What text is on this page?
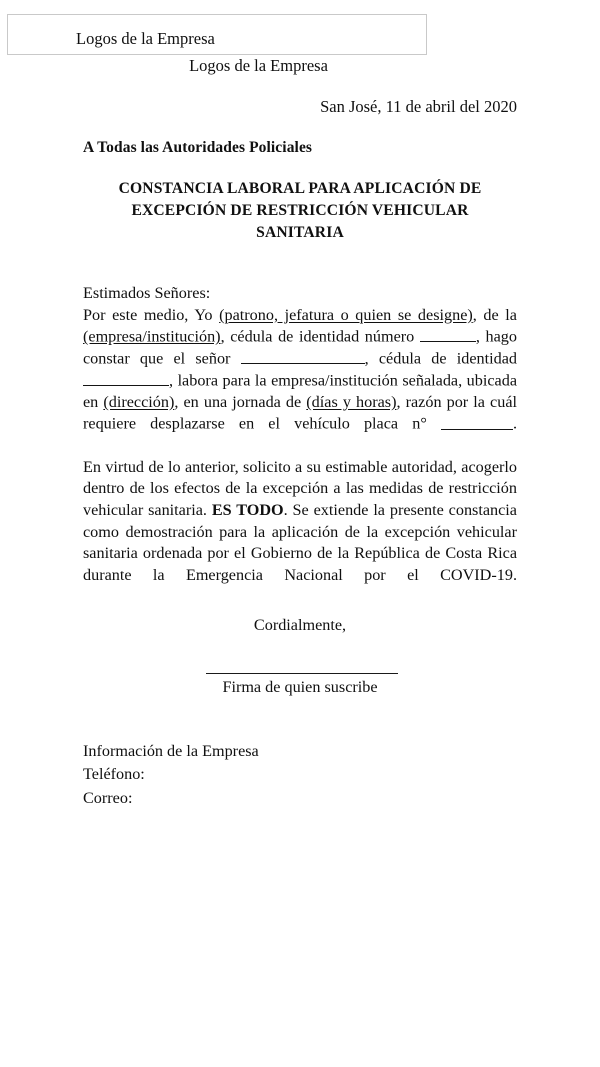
Logos de la Empresa
Logos de la Empresa
San José, 11 de abril del 2020
A Todas las Autoridades Policiales
CONSTANCIA LABORAL PARA APLICACIÓN DE
EXCEPCIÓN DE RESTRICCIÓN VEHICULAR
SANITARIA

Estimados Señores:

Por este medio, Yo (patrono, jefatura o quien se designe), de la (empresa/institución), cédula de identidad número	, hago constar que el señor	, cédula de identidad , labora para la empresa/institución señalada, ubicada en (dirección), en una jornada de (días y horas), razón por la cuál requiere desplazarse en el vehículo placa n°	.

En virtud de lo anterior, solicito a su estimable autoridad, acogerlo dentro de los efectos de la excepción a las medidas de restricción vehicular sanitaria. ES TODO. Se extiende la presente constancia como demostración para la aplicación de la excepción vehicular sanitaria ordenada por el Gobierno de la República de Costa Rica durante la Emergencia Nacional por el COVID-19.

Cordialmente,
Firma de quien suscribe
Información de la Empresa
Teléfono:
Correo:
